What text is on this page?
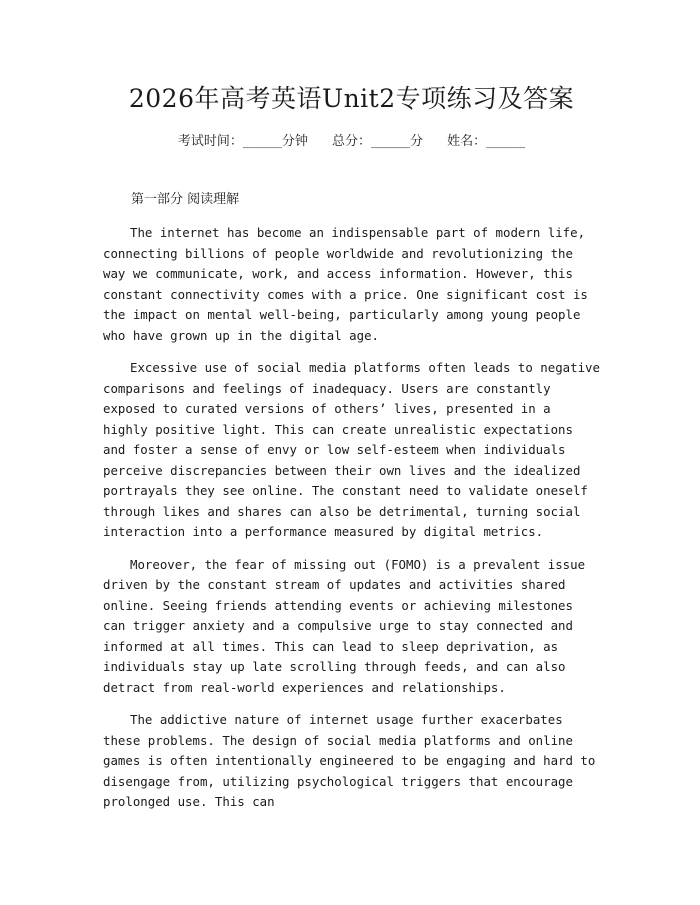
2026年高考英语Unit2专项练习及答案
考试时间：______分钟 总分：______分 姓名：______
第一部分 阅读理解

The internet has become an indispensable part of modern life, connecting billions of people worldwide and revolutionizing the way we communicate, work, and access information. However, this constant connectivity comes with a price. One significant cost is the impact on mental well-being, particularly among young people who have grown up in the digital age.

Excessive use of social media platforms often leads to negative comparisons and feelings of inadequacy. Users are constantly exposed to curated versions of others’ lives, presented in a highly positive light. This can create unrealistic expectations and foster a sense of envy or low self-esteem when individuals perceive discrepancies between their own lives and the idealized portrayals they see online. The constant need to validate oneself through likes and shares can also be detrimental, turning social interaction into a performance measured by digital metrics.

Moreover, the fear of missing out (FOMO) is a prevalent issue driven by the constant stream of updates and activities shared online. Seeing friends attending events or achieving milestones can trigger anxiety and a compulsive urge to stay connected and informed at all times. This can lead to sleep deprivation, as individuals stay up late scrolling through feeds, and can also detract from real-world experiences and relationships.

The addictive nature of internet usage further exacerbates these problems. The design of social media platforms and online games is often intentionally engineered to be engaging and hard to disengage from, utilizing psychological triggers that encourage prolonged use. This can
